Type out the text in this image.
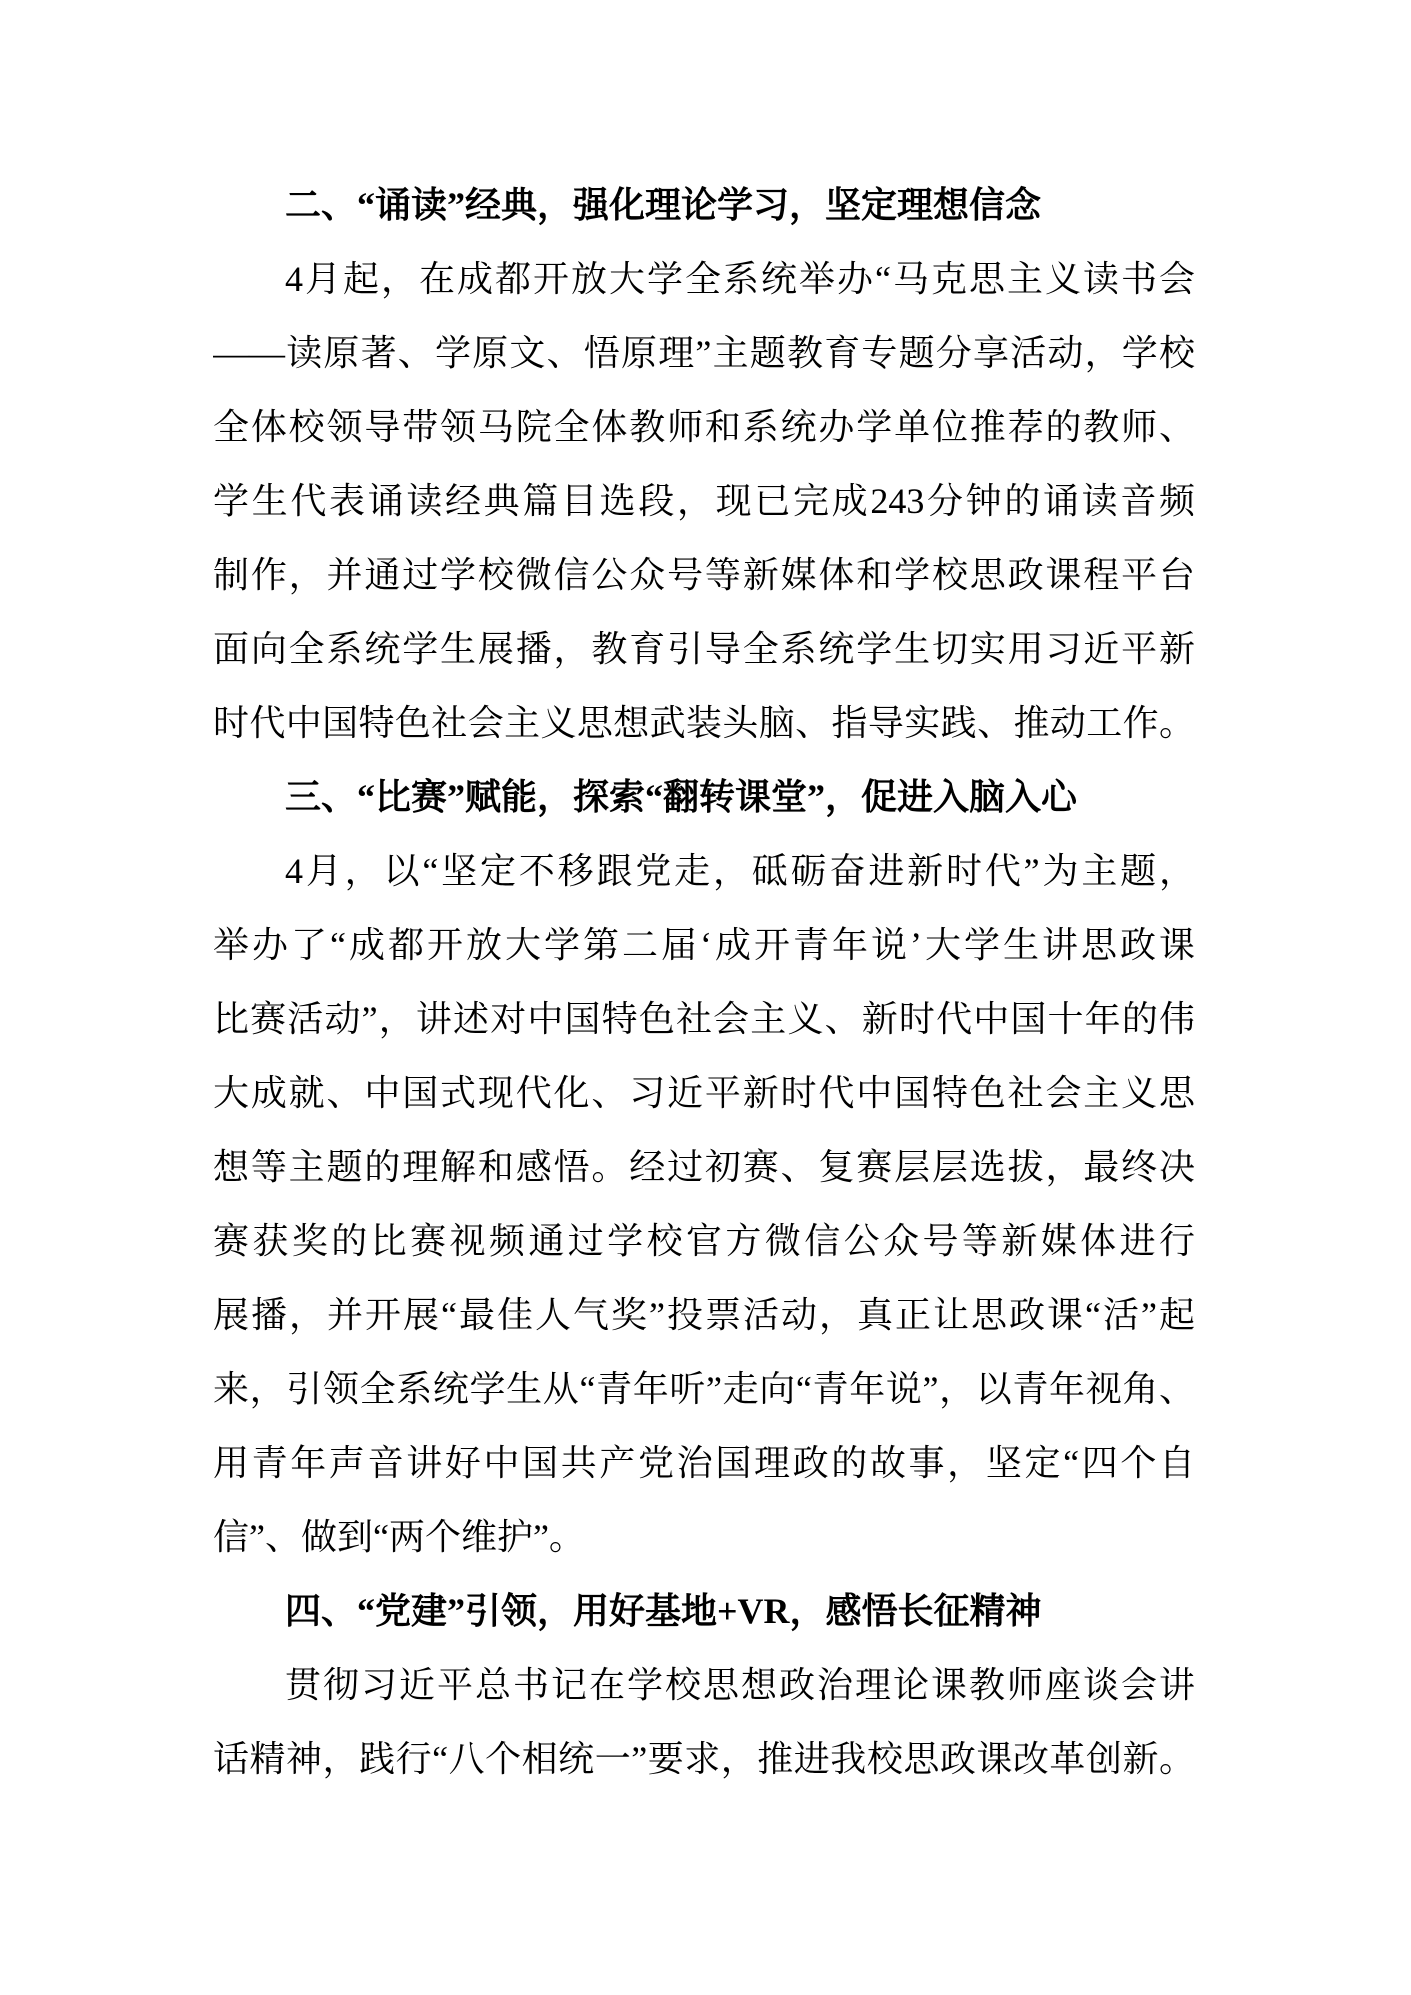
二、“诵读”经典，强化理论学习，坚定理想信念
4月起，在成都开放大学全系统举办“马克思主义读书会
——读原著、学原文、悟原理”主题教育专题分享活动，学校
全体校领导带领马院全体教师和系统办学单位推荐的教师、
学生代表诵读经典篇目选段，现已完成243分钟的诵读音频
制作，并通过学校微信公众号等新媒体和学校思政课程平台
面向全系统学生展播，教育引导全系统学生切实用习近平新
时代中国特色社会主义思想武装头脑、指导实践、推动工作。
三、“比赛”赋能，探索“翻转课堂”，促进入脑入心
4月，以“坚定不移跟党走，砥砺奋进新时代”为主题，
举办了“成都开放大学第二届‘成开青年说’大学生讲思政课
比赛活动”，讲述对中国特色社会主义、新时代中国十年的伟
大成就、中国式现代化、习近平新时代中国特色社会主义思
想等主题的理解和感悟。经过初赛、复赛层层选拔，最终决
赛获奖的比赛视频通过学校官方微信公众号等新媒体进行
展播，并开展“最佳人气奖”投票活动，真正让思政课“活”起
来，引领全系统学生从“青年听”走向“青年说”，以青年视角、
用青年声音讲好中国共产党治国理政的故事，坚定“四个自
信”、做到“两个维护”。
四、“党建”引领，用好基地+VR，感悟长征精神
贯彻习近平总书记在学校思想政治理论课教师座谈会讲
话精神，践行“八个相统一”要求，推进我校思政课改革创新。
